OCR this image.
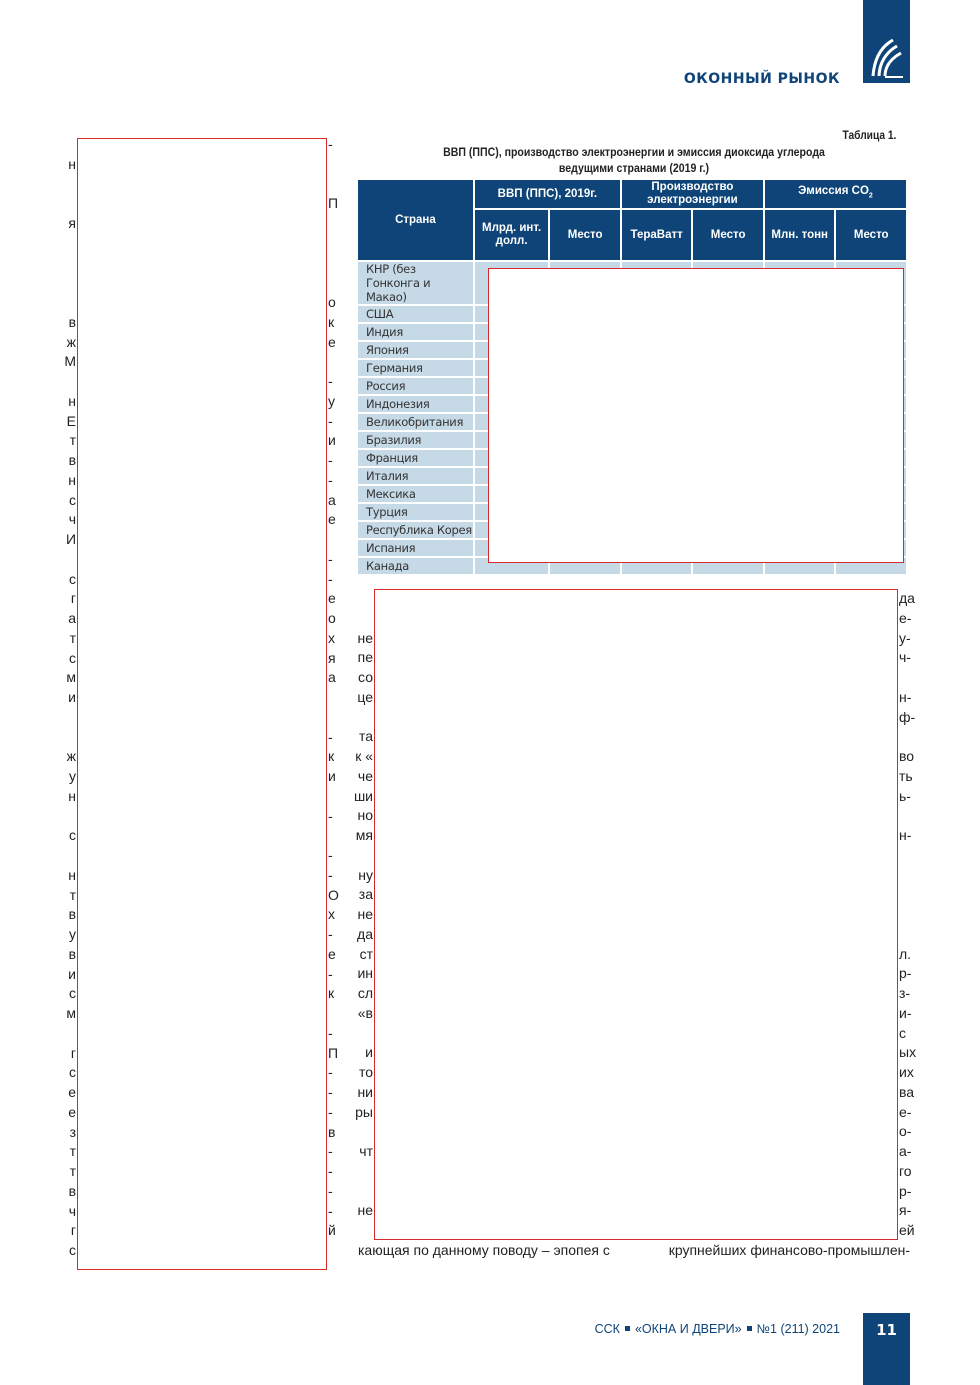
ОКОННЫЙ РЫНОК
Таблица 1.
ВВП (ППС), производство электроэнергии и эмиссия диоксида углерода
ведущими странами (2019 г.)
Страна	ВВП (ППС), 2019г.		Производство электроэнергии		Эмиссия $CO_2$
	Млрд. инт. долл.	Место	ТераВатт	Место	Млн. тонн	Место
КНР (без Гонконга и Макао)						
США						
Индия						
Япония						
Германия						
Россия						
Индонезия						
Великобритания						
Бразилия						
Франция						
Италия						
Мексика						
Турция						
Республика Корея						
Испания						
Канада						
-
н
П
я
о
в	к
ж	е
М
-
н	у
Е	-
т	и
в	-
н	-
с	а
ч	е
И
-
с	-
г	е
а	о
т	х
с	я
м	а
и
-
ж	к
у	и
н
-
с
-
н	-
т	О
в	х
у	-
в	е
и	-
с	к
м
-
г	П
с	-
е	-
е	-
з	в
т	-
т	-
в	-
ч	-
г	й
с
да
е-
не	у-
пе	ч-
со
це	н-
ф-
та
к «	во
че	ть
ши	ь-
но
мя	н-
ну
за
не
да
ст	л.
ин	р-
сл	з-
«в	и-
с
и	ых
то	их
ни	ва
ры	е-
о-
чт	а-
го
р-
не	я-
ей
кающая по данному поводу – эпопея с	крупнейших финансово-промышлен-
ССК «ОКНА И ДВЕРИ» №1 (211) 2021	11
